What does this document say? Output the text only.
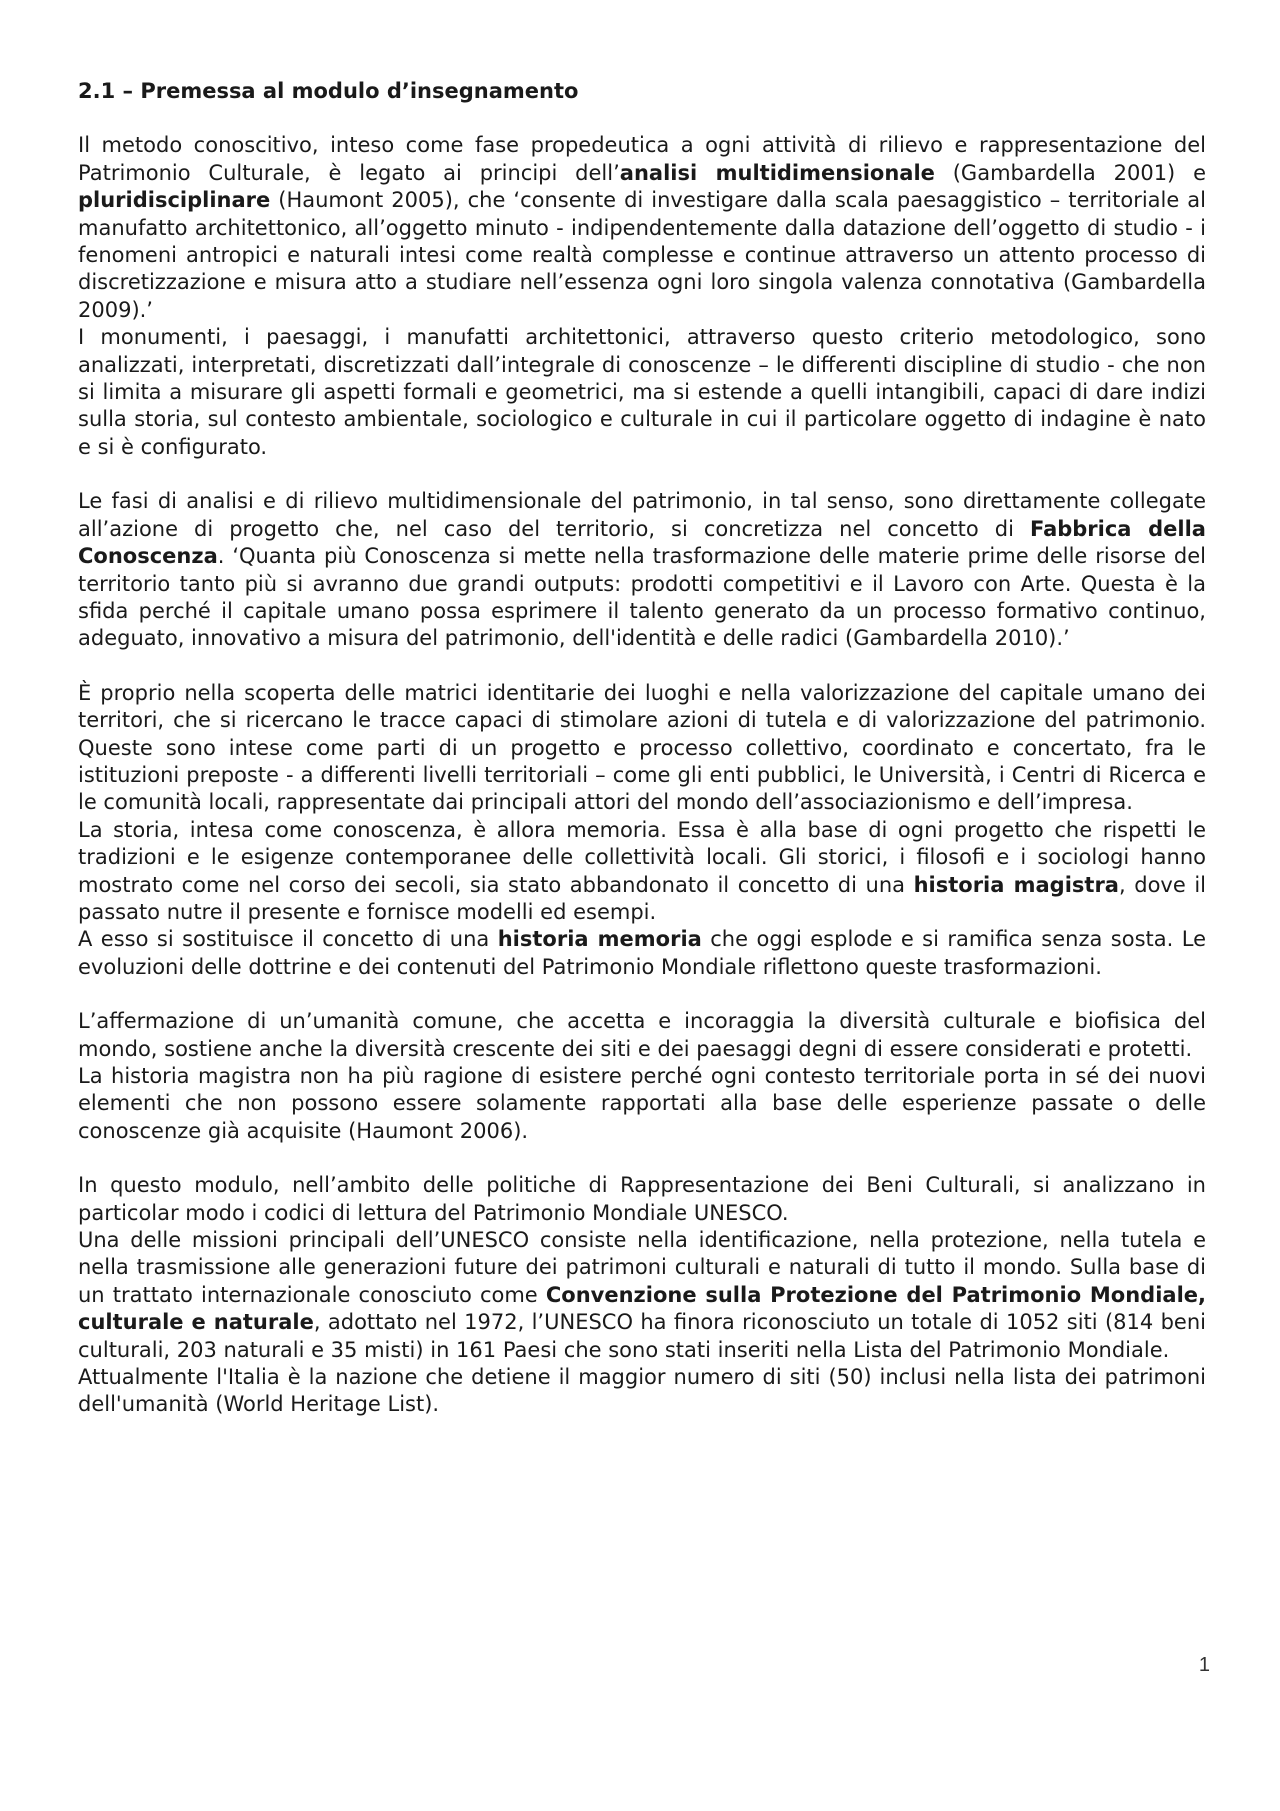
2.1 – Premessa al modulo d’insegnamento

Il metodo conoscitivo, inteso come fase propedeutica a ogni attività di rilievo e rappresentazione del Patrimonio Culturale, è legato ai principi dell’analisi multidimensionale (Gambardella 2001) e pluridisciplinare (Haumont 2005), che ‘consente di investigare dalla scala paesaggistico – territoriale al manufatto architettonico, all’oggetto minuto - indipendentemente dalla datazione dell’oggetto di studio - i fenomeni antropici e naturali intesi come realtà complesse e continue attraverso un attento processo di discretizzazione e misura atto a studiare nell’essenza ogni loro singola valenza connotativa (Gambardella 2009).’

I monumenti, i paesaggi, i manufatti architettonici, attraverso questo criterio metodologico, sono analizzati, interpretati, discretizzati dall’integrale di conoscenze – le differenti discipline di studio - che non si limita a misurare gli aspetti formali e geometrici, ma si estende a quelli intangibili, capaci di dare indizi sulla storia, sul contesto ambientale, sociologico e culturale in cui il particolare oggetto di indagine è nato e si è configurato.

Le fasi di analisi e di rilievo multidimensionale del patrimonio, in tal senso, sono direttamente collegate all’azione di progetto che, nel caso del territorio, si concretizza nel concetto di Fabbrica della Conoscenza. ‘Quanta più Conoscenza si mette nella trasformazione delle materie prime delle risorse del territorio tanto più si avranno due grandi outputs: prodotti competitivi e il Lavoro con Arte. Questa è la sfida perché il capitale umano possa esprimere il talento generato da un processo formativo continuo, adeguato, innovativo a misura del patrimonio, dell'identità e delle radici (Gambardella 2010).’

È proprio nella scoperta delle matrici identitarie dei luoghi e nella valorizzazione del capitale umano dei territori, che si ricercano le tracce capaci di stimolare azioni di tutela e di valorizzazione del patrimonio. Queste sono intese come parti di un progetto e processo collettivo, coordinato e concertato, fra le istituzioni preposte - a differenti livelli territoriali – come gli enti pubblici, le Università, i Centri di Ricerca e le comunità locali, rappresentate dai principali attori del mondo dell’associazionismo e dell’impresa.

La storia, intesa come conoscenza, è allora memoria. Essa è alla base di ogni progetto che rispetti le tradizioni e le esigenze contemporanee delle collettività locali. Gli storici, i filosofi e i sociologi hanno mostrato come nel corso dei secoli, sia stato abbandonato il concetto di una historia magistra, dove il passato nutre il presente e fornisce modelli ed esempi.

A esso si sostituisce il concetto di una historia memoria che oggi esplode e si ramifica senza sosta. Le evoluzioni delle dottrine e dei contenuti del Patrimonio Mondiale riflettono queste trasformazioni.

L’affermazione di un’umanità comune, che accetta e incoraggia la diversità culturale e biofisica del mondo, sostiene anche la diversità crescente dei siti e dei paesaggi degni di essere considerati e protetti.

La historia magistra non ha più ragione di esistere perché ogni contesto territoriale porta in sé dei nuovi elementi che non possono essere solamente rapportati alla base delle esperienze passate o delle conoscenze già acquisite (Haumont 2006).

In questo modulo, nell’ambito delle politiche di Rappresentazione dei Beni Culturali, si analizzano in particolar modo i codici di lettura del Patrimonio Mondiale UNESCO.

Una delle missioni principali dell’UNESCO consiste nella identificazione, nella protezione, nella tutela e nella trasmissione alle generazioni future dei patrimoni culturali e naturali di tutto il mondo. Sulla base di un trattato internazionale conosciuto come Convenzione sulla Protezione del Patrimonio Mondiale, culturale e naturale, adottato nel 1972, l’UNESCO ha finora riconosciuto un totale di 1052 siti (814 beni culturali, 203 naturali e 35 misti) in 161 Paesi che sono stati inseriti nella Lista del Patrimonio Mondiale.

Attualmente l'Italia è la nazione che detiene il maggior numero di siti (50) inclusi nella lista dei patrimoni dell'umanità (World Heritage List).

1
